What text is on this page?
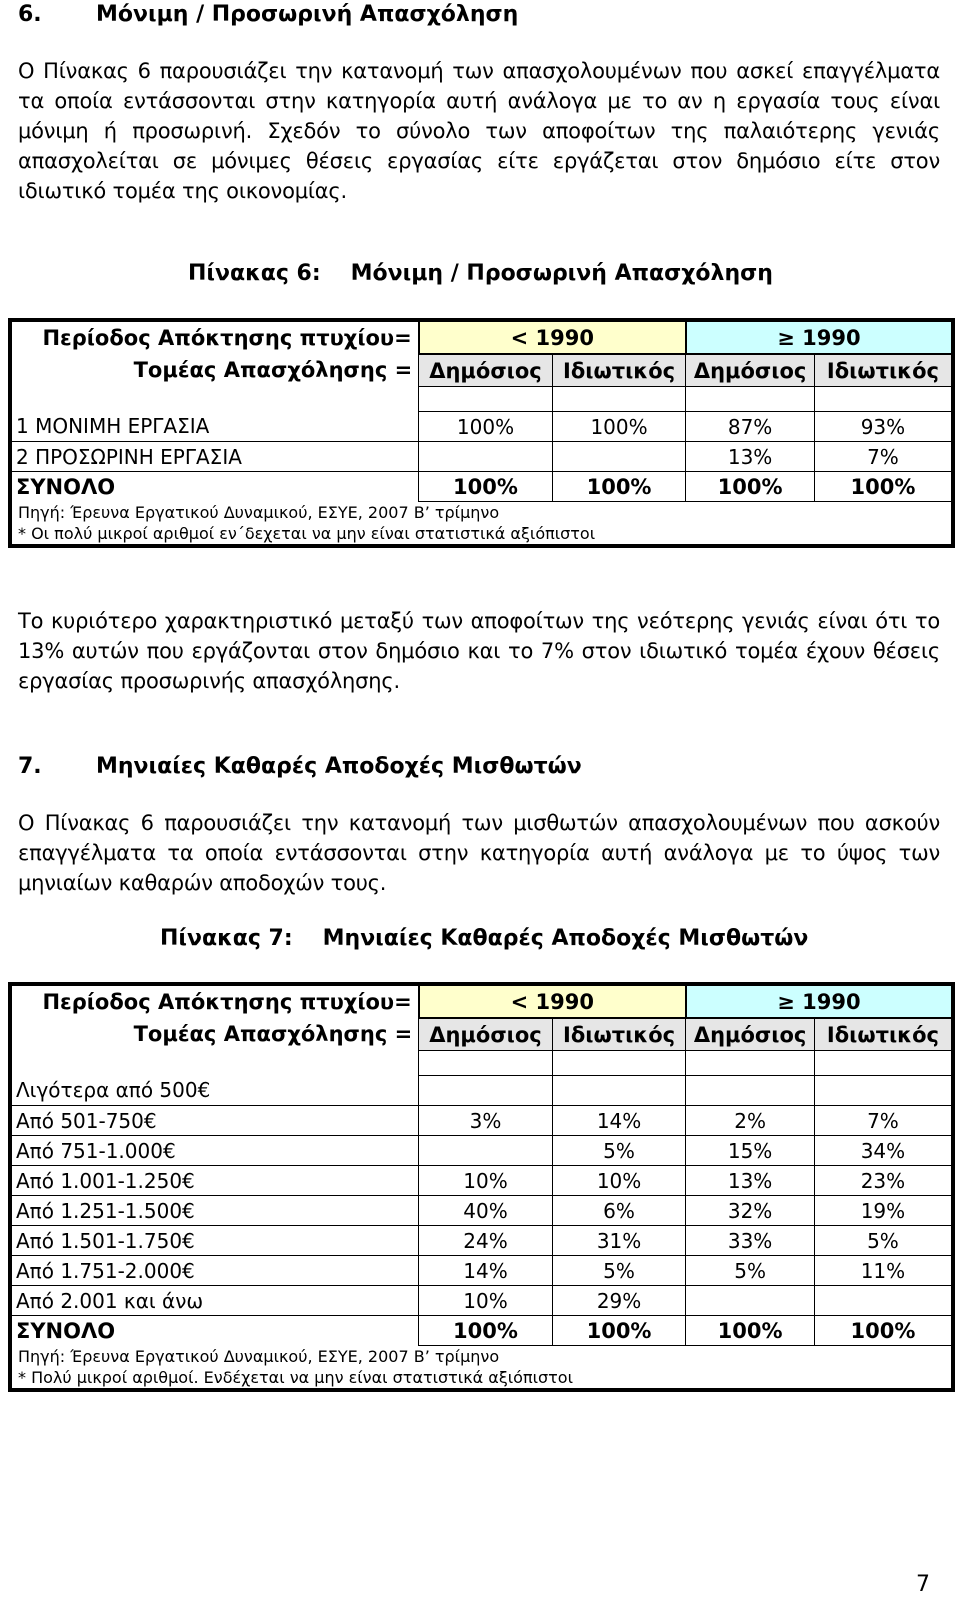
6. Μόνιμη / Προσωρινή Απασχόληση

Ο Πίνακας 6 παρουσιάζει την κατανομή των απασχολουμένων που ασκεί επαγγέλματα τα οποία εντάσσονται στην κατηγορία αυτή ανάλογα με το αν η εργασία τους είναι μόνιμη ή προσωρινή. Σχεδόν το σύνολο των αποφοίτων της παλαιότερης γενιάς απασχολείται σε μόνιμες θέσεις εργασίας είτε εργάζεται στον δημόσιο είτε στον ιδιωτικό τομέα της οικονομίας.

Πίνακας 6: Μόνιμη / Προσωρινή Απασχόληση
Περίοδος Απόκτησης πτυχίου=	< 1990		≥ 1990	
Τομέας Απασχόλησης =	Δημόσιος	Ιδιωτικός	Δημόσιος	Ιδιωτικός

1 ΜΟΝΙΜΗ ΕΡΓΑΣΙΑ	100%	100%	87%	93%
2 ΠΡΟΣΩΡΙΝΗ ΕΡΓΑΣΙΑ			13%	7%
ΣΥΝΟΛΟ	100%	100%	100%	100%
Πηγή: Έρευνα Εργατικού Δυναμικού, ΕΣΥΕ, 2007 Β’ τρίμηνο				
* Οι πολύ μικροί αριθμοί εν΄δεχεται να μην είναι στατιστικά αξιόπιστοι				

Το κυριότερο χαρακτηριστικό μεταξύ των αποφοίτων της νεότερης γενιάς είναι ότι το 13% αυτών που εργάζονται στον δημόσιο και το 7% στον ιδιωτικό τομέα έχουν θέσεις εργασίας προσωρινής απασχόλησης.

7. Μηνιαίες Καθαρές Αποδοχές Μισθωτών

Ο Πίνακας 6 παρουσιάζει την κατανομή των μισθωτών απασχολουμένων που ασκούν επαγγέλματα τα οποία εντάσσονται στην κατηγορία αυτή ανάλογα με το ύψος των μηνιαίων καθαρών αποδοχών τους.

Πίνακας 7: Μηνιαίες Καθαρές Αποδοχές Μισθωτών
Περίοδος Απόκτησης πτυχίου=	< 1990		≥ 1990	
Τομέας Απασχόλησης =	Δημόσιος	Ιδιωτικός	Δημόσιος	Ιδιωτικός

Λιγότερα από 500€				
Από 501-750€	3%	14%	2%	7%
Από 751-1.000€		5%	15%	34%
Από 1.001-1.250€	10%	10%	13%	23%
Από 1.251-1.500€	40%	6%	32%	19%
Από 1.501-1.750€	24%	31%	33%	5%
Από 1.751-2.000€	14%	5%	5%	11%
Από 2.001 και άνω	10%	29%		
ΣΥΝΟΛΟ	100%	100%	100%	100%
Πηγή: Έρευνα Εργατικού Δυναμικού, ΕΣΥΕ, 2007 Β’ τρίμηνο				
* Πολύ μικροί αριθμοί. Ενδέχεται να μην είναι στατιστικά αξιόπιστοι				
7
